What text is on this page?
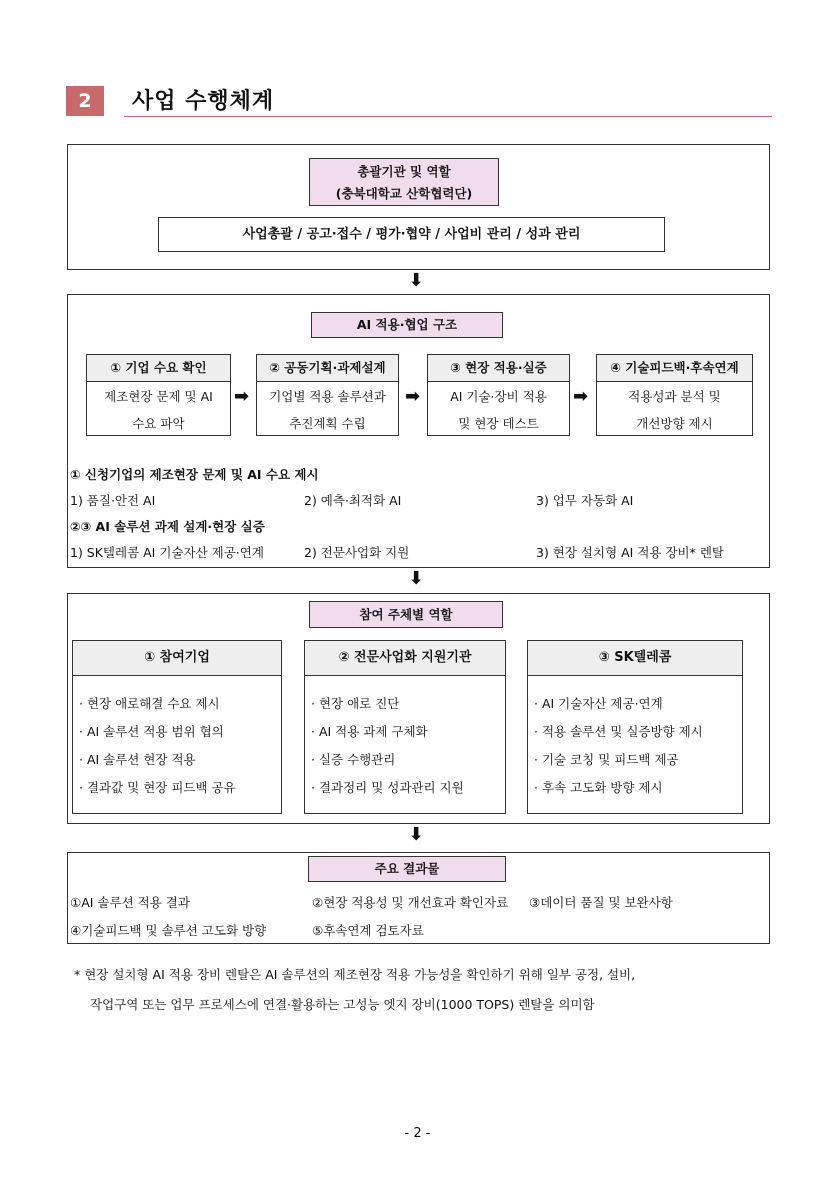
2	사업 수행체계
총괄기관 및 역할
(충북대학교 산학협력단)
사업총괄 / 공고·접수 / 평가·협약 / 사업비 관리 / 성과 관리
⬇
AI 적용·협업 구조
① 기업 수요 확인
제조현장 문제 및 AI
수요 파악
➡
② 공동기획·과제설계
기업별 적용 솔루션과
추진계획 수립
➡
③ 현장 적용·실증
AI 기술·장비 적용
및 현장 테스트
➡
④ 기술피드백·후속연계
적용성과 분석 및
개선방향 제시
① 신청기업의 제조현장 문제 및 AI 수요 제시
1) 품질·안전 AI	2) 예측·최적화 AI	3) 업무 자동화 AI
②③ AI 솔루션 과제 설계·현장 실증
1) SK텔레콤 AI 기술자산 제공·연계	2) 전문사업화 지원	3) 현장 설치형 AI 적용 장비* 렌탈
⬇
참여 주체별 역할
① 참여기업
· 현장 애로해결 수요 제시
· AI 솔루션 적용 범위 협의
· AI 솔루션 현장 적용
· 결과값 및 현장 피드백 공유
② 전문사업화 지원기관
· 현장 애로 진단
· AI 적용 과제 구체화
· 실증 수행관리
· 결과정리 및 성과관리 지원
③ SK텔레콤
· AI 기술자산 제공·연계
· 적용 솔루션 및 실증방향 제시
· 기술 코칭 및 피드백 제공
· 후속 고도화 방향 제시
⬇
주요 결과물
①AI 솔루션 적용 결과	②현장 적용성 및 개선효과 확인자료 ③데이터 품질 및 보완사항
④기술피드백 및 솔루션 고도화 방향	⑤후속연계 검토자료
* 현장 설치형 AI 적용 장비 렌탈은 AI 솔루션의 제조현장 적용 가능성을 확인하기 위해 일부 공정, 설비,
작업구역 또는 업무 프로세스에 연결·활용하는 고성능 엣지 장비(1000 TOPS) 렌탈을 의미함
- 2 -
